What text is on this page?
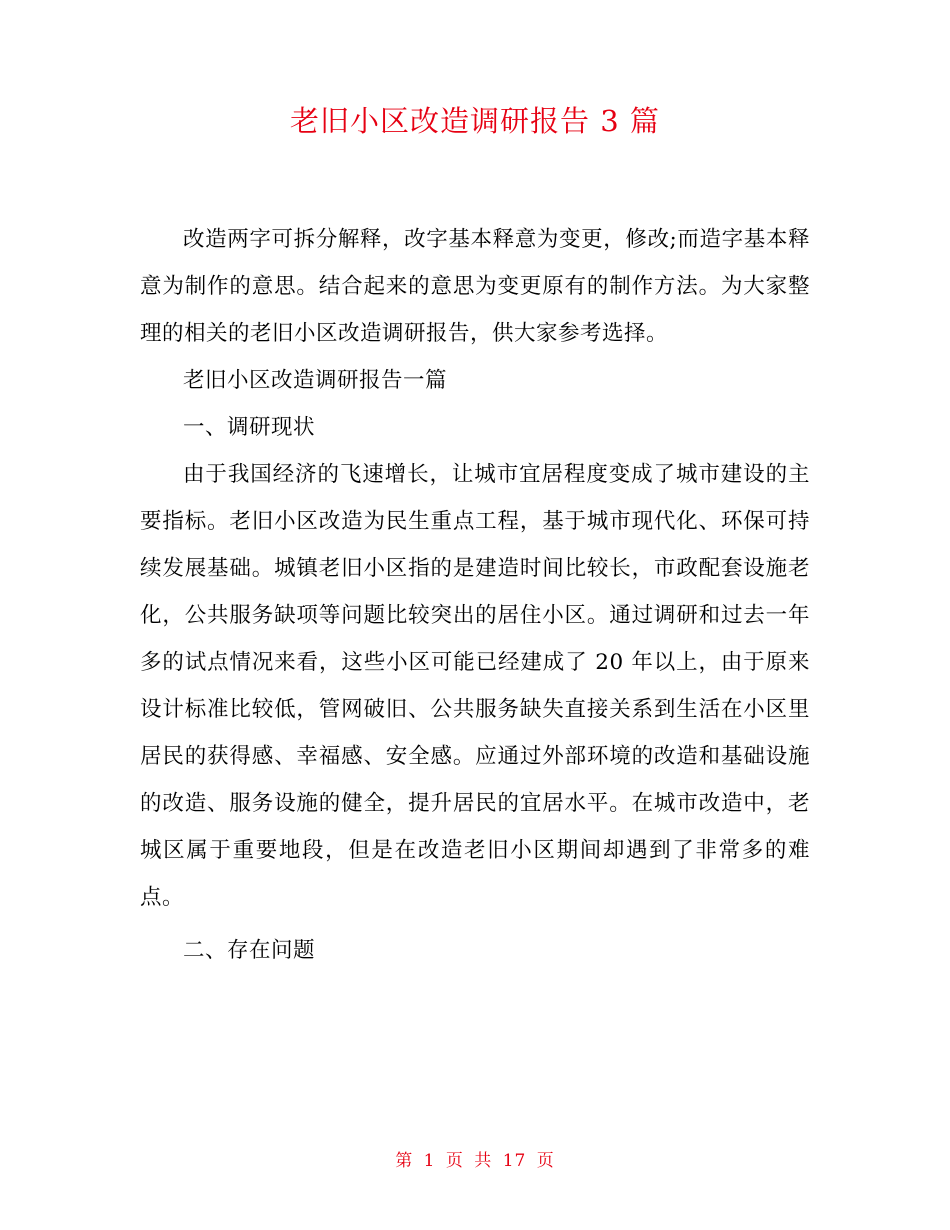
老旧小区改造调研报告 3 篇

改造两字可拆分解释，改字基本释意为变更，修改;而造字基本释意为制作的意思。结合起来的意思为变更原有的制作方法。为大家整理的相关的老旧小区改造调研报告，供大家参考选择。

老旧小区改造调研报告一篇

一、调研现状

由于我国经济的飞速增长，让城市宜居程度变成了城市建设的主要指标。老旧小区改造为民生重点工程，基于城市现代化、环保可持续发展基础。城镇老旧小区指的是建造时间比较长，市政配套设施老化，公共服务缺项等问题比较突出的居住小区。通过调研和过去一年多的试点情况来看，这些小区可能已经建成了 20 年以上，由于原来设计标准比较低，管网破旧、公共服务缺失直接关系到生活在小区里居民的获得感、幸福感、安全感。应通过外部环境的改造和基础设施的改造、服务设施的健全，提升居民的宜居水平。在城市改造中，老城区属于重要地段，但是在改造老旧小区期间却遇到了非常多的难点。

二、存在问题

第 1 页 共 17 页
